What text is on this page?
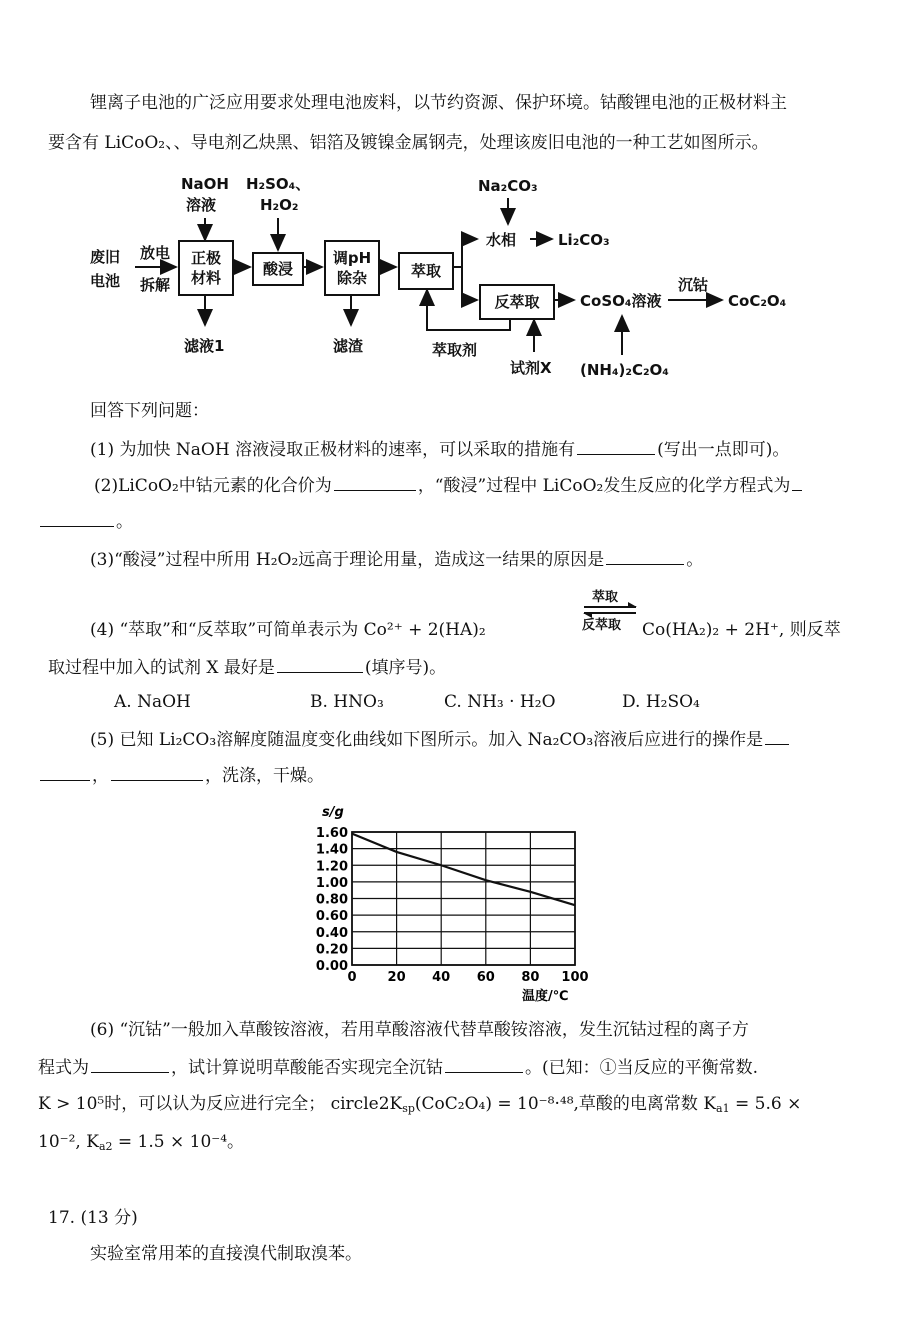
锂离子电池的广泛应用要求处理电池废料，以节约资源、保护环境。钴酸锂电池的正极材料主
要含有 LiCoO₂、、导电剂乙炔黑、铝箔及镀镍金属钢壳，处理该废旧电池的一种工艺如图所示。
废旧
电池
放电
拆解
NaOH
溶液
H₂SO₄、
H₂O₂
正极
材料	酸浸
调pH
除杂	萃取
反萃取
滤液1	滤渣	萃取剂
试剂X
Na₂CO₃
水相	Li₂CO₃
CoSO₄溶液
沉钴
CoC₂O₄
(NH₄)₂C₂O₄
回答下列问题：
(1) 为加快 NaOH 溶液浸取正极材料的速率，可以采取的措施有	(写出一点即可)。
(2)LiCoO₂中钴元素的化合价为	，“酸浸”过程中 LiCoO₂发生反应的化学方程式为
。
(3)“酸浸”过程中所用 H₂O₂远高于理论用量，造成这一结果的原因是	。
(4) “萃取”和“反萃取”可简单表示为 Co²⁺ + 2(HA)₂
萃取
反萃取 Co(HA₂)₂ + 2H⁺, 则反萃
取过程中加入的试剂 X 最好是	(填序号)。
A. NaOH	B. HNO₃	C. NH₃ · H₂O	D. H₂SO₄
(5) 已知 Li₂CO₃溶解度随温度变化曲线如下图所示。加入 Na₂CO₃溶液后应进行的操作是
，	，洗涤，干燥。
0.00
0.20
0.40
0.60
0.80
1.00
1.20
1.40
1.60
0 20 40 60 80 100
s/g
温度/℃
(6) “沉钴”一般加入草酸铵溶液，若用草酸溶液代替草酸铵溶液，发生沉钴过程的离子方
程式为	，试计算说明草酸能否实现完全沉钴	。(已知：①当反应的平衡常数.
K > 10⁵时，可以认为反应进行完全； $circle2K_{sp}(CoC_2O_4) = 10^{-8}\cdot^{48}$,草酸的电离常数 $K_{a1} = 5.6$ ×
10⁻², $K_{a2} = 1.5 \times 10^{-4}$。
17. (13 分)
实验室常用苯的直接溴代制取溴苯。
